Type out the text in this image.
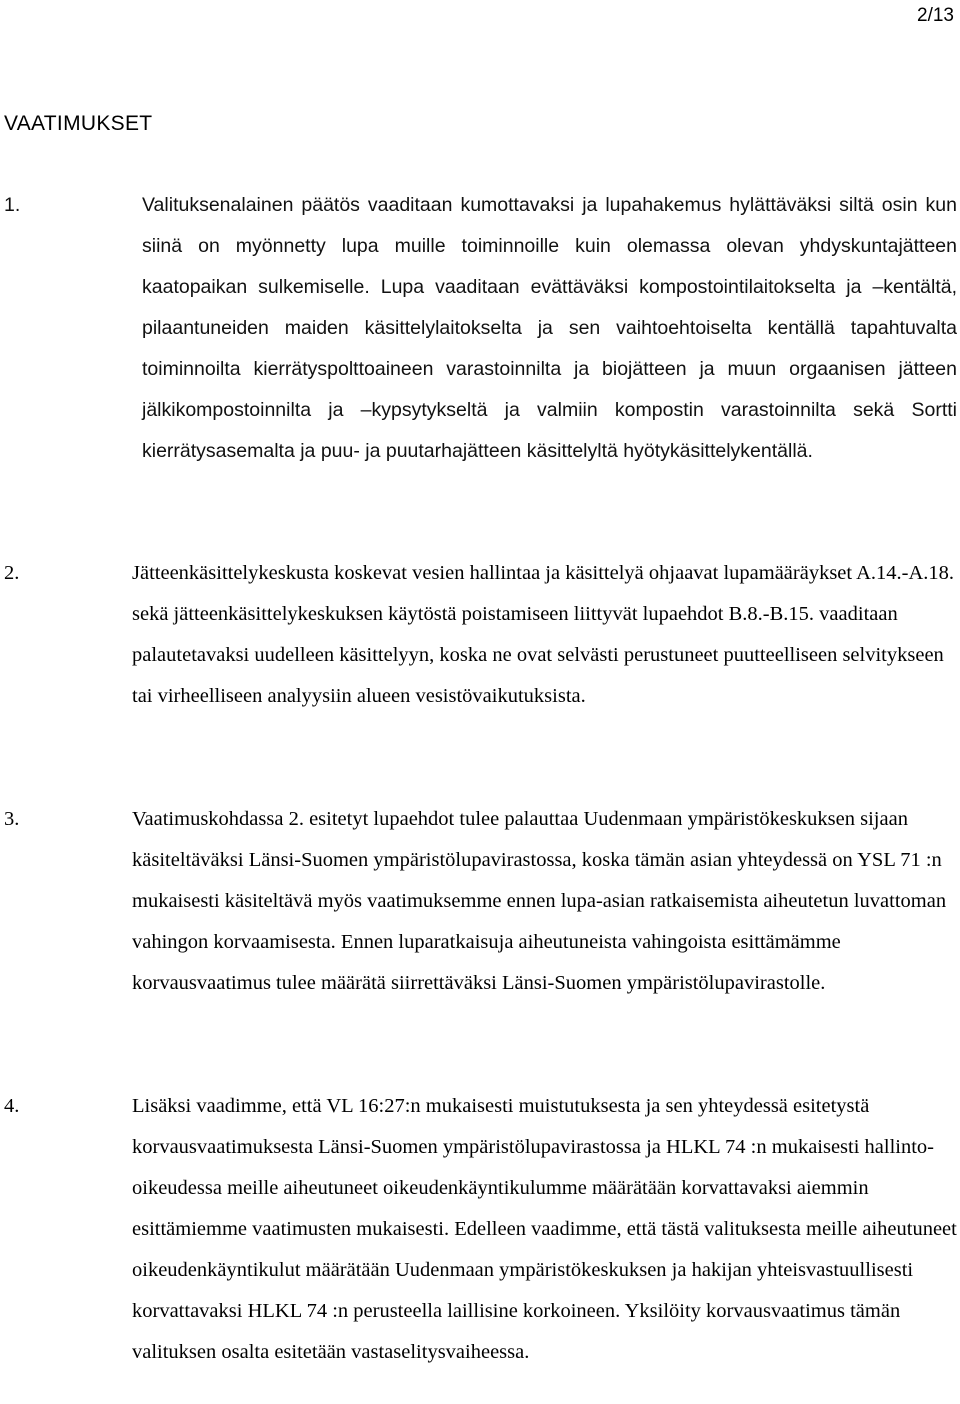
2/13
VAATIMUKSET
1.	Valituksenalainen päätös vaaditaan kumottavaksi ja lupahakemus hylättäväksi siltä osin kun siinä on myönnetty lupa muille toiminnoille kuin olemassa olevan yhdyskuntajätteen kaatopaikan sulkemiselle. Lupa vaaditaan evättäväksi kompostointilaitokselta ja –kentältä, pilaantuneiden maiden käsittelylaitokselta ja sen vaihtoehtoiselta kentällä tapahtuvalta toiminnoilta kierrätyspolttoaineen varastoinnilta ja biojätteen ja muun orgaanisen jätteen jälkikompostoinnilta ja –kypsytykseltä ja valmiin kompostin varastoinnilta sekä Sortti kierrätysasemalta ja puu- ja puutarhajätteen käsittelyltä hyötykäsittelykentällä.

2.	Jätteenkäsittelykeskusta koskevat vesien hallintaa ja käsittelyä ohjaavat lupamääräykset A.14.-A.18. sekä jätteenkäsittelykeskuksen käytöstä poistamiseen liittyvät lupaehdot B.8.-B.15. vaaditaan palautetavaksi uudelleen käsittelyyn, koska ne ovat selvästi perustuneet puutteelliseen selvitykseen tai virheelliseen analyysiin alueen vesistövaikutuksista.

3.	Vaatimuskohdassa 2. esitetyt lupaehdot tulee palauttaa Uudenmaan ympäristökeskuksen sijaan käsiteltäväksi Länsi-Suomen ympäristölupavirastossa, koska tämän asian yhteydessä on YSL 71 :n mukaisesti käsiteltävä myös vaatimuksemme ennen lupa-asian ratkaisemista aiheutetun luvattoman vahingon korvaamisesta. Ennen luparatkaisuja aiheutuneista vahingoista esittämämme korvausvaatimus tulee määrätä siirrettäväksi Länsi-Suomen ympäristölupavirastolle.

4.	Lisäksi vaadimme, että VL 16:27:n mukaisesti muistutuksesta ja sen yhteydessä esitetystä korvausvaatimuksesta Länsi-Suomen ympäristölupavirastossa ja HLKL 74 :n mukaisesti hallinto-oikeudessa meille aiheutuneet oikeudenkäyntikulumme määrätään korvattavaksi aiemmin esittämiemme vaatimusten mukaisesti. Edelleen vaadimme, että tästä valituksesta meille aiheutuneet oikeudenkäyntikulut määrätään Uudenmaan ympäristökeskuksen ja hakijan yhteisvastuullisesti korvattavaksi HLKL 74 :n perusteella laillisine korkoineen. Yksilöity korvausvaatimus tämän valituksen osalta esitetään vastaselitysvaiheessa.
